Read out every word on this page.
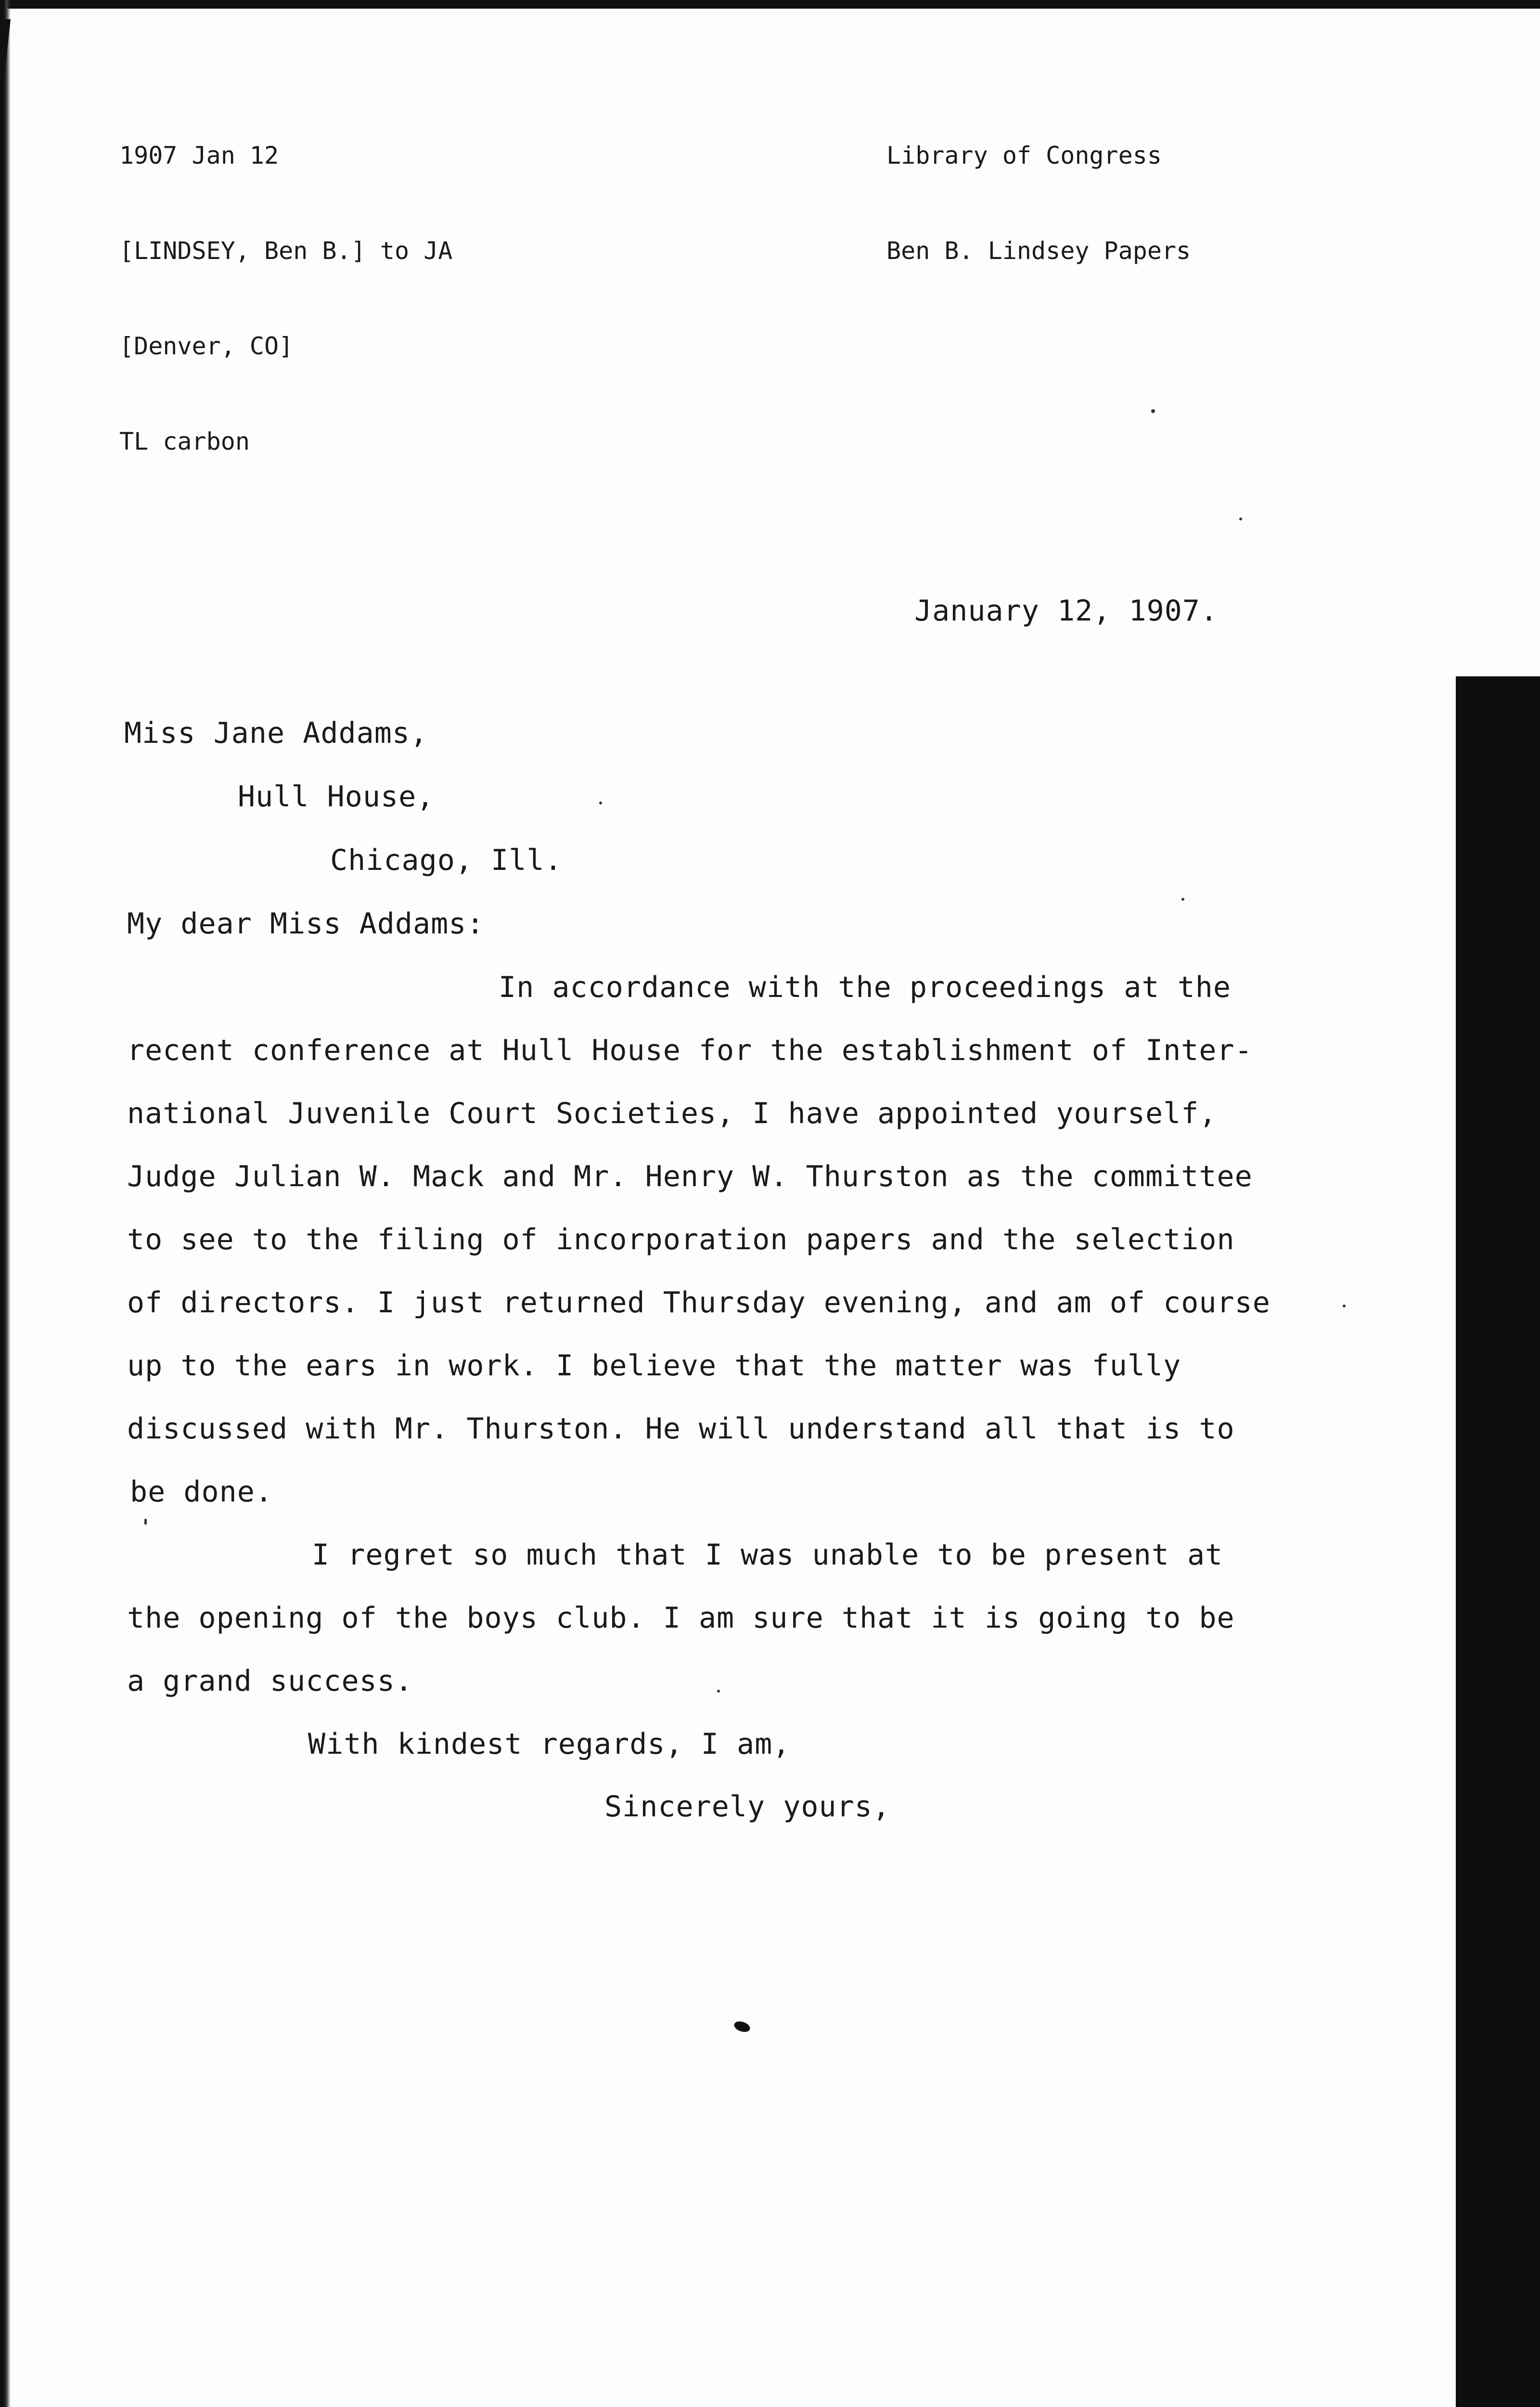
1907 Jan 12

[LINDSEY, Ben B.] to JA

[Denver, CO]

TL carbon

Library of Congress

Ben B. Lindsey Papers

January 12, 1907.
Miss Jane Addams,
Hull House,
Chicago, Ill.
My dear Miss Addams:
In accordance with the proceedings at the
recent conference at Hull House for the establishment of Inter-
national Juvenile Court Societies, I have appointed yourself,
Judge Julian W. Mack and Mr. Henry W. Thurston as the committee
to see to the filing of incorporation papers and the selection
of directors. I just returned Thursday evening, and am of course
up to the ears in work. I believe that the matter was fully
discussed with Mr. Thurston. He will understand all that is to
be done.
I regret so much that I was unable to be present at
the opening of the boys club. I am sure that it is going to be
a grand success.
With kindest regards, I am,
Sincerely yours,
